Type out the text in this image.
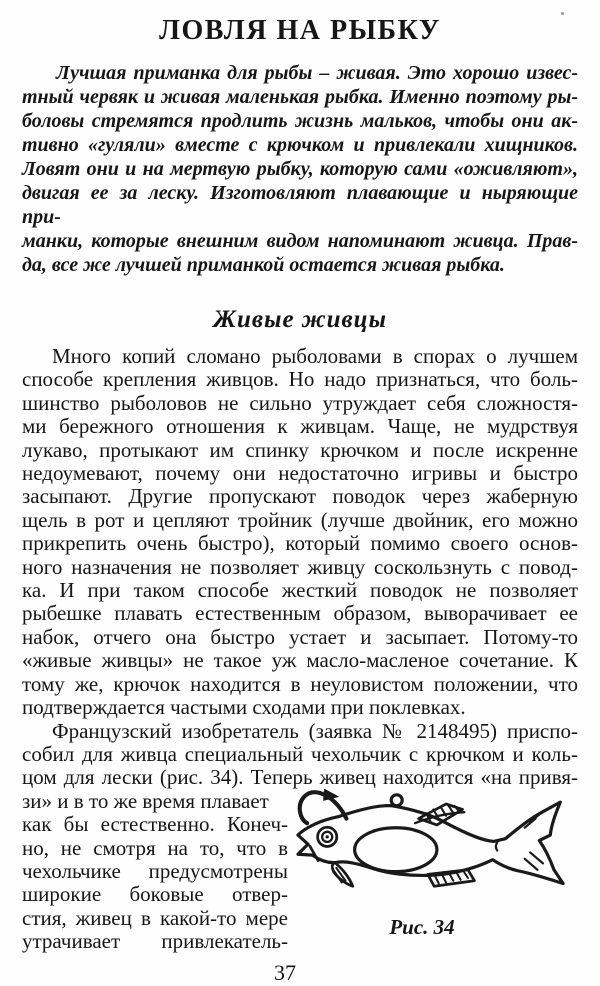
ЛОВЛЯ НА РЫБКУ
Лучшая приманка для рыбы – живая. Это хорошо извес-
тный червяк и живая маленькая рыбка. Именно поэтому ры-
боловы стремятся продлить жизнь мальков, чтобы они ак-
тивно «гуляли» вместе с крючком и привлекали хищников.
Ловят они и на мертвую рыбку, которую сами «оживляют»,
двигая ее за леску. Изготовляют плавающие и ныряющие при-
манки, которые внешним видом напоминают живца. Прав-
да, все же лучшей приманкой остается живая рыбка.
Живые живцы
Много копий сломано рыболовами в спорах о лучшем
способе крепления живцов. Но надо признаться, что боль-
шинство рыболовов не сильно утруждает себя сложностя-
ми бережного отношения к живцам. Чаще, не мудрствуя
лукаво, протыкают им спинку крючком и после искренне
недоумевают, почему они недостаточно игривы и быстро
засыпают. Другие пропускают поводок через жаберную
щель в рот и цепляют тройник (лучше двойник, его можно
прикрепить очень быстро), который помимо своего основ-
ного назначения не позволяет живцу соскользнуть с повод-
ка. И при таком способе жесткий поводок не позволяет
рыбешке плавать естественным образом, выворачивает ее
набок, отчего она быстро устает и засыпает. Потому-то
«живые живцы» не такое уж масло-масленое сочетание. К
тому же, крючок находится в неуловистом положении, что
подтверждается частыми сходами при поклевках.
Французский изобретатель (заявка № 2148495) приспо-
собил для живца специальный чехольчик с крючком и коль-
цом для лески (рис. 34). Теперь живец находится «на привя-
Рис. 34
зи» и в то же время плавает
как бы естественно. Конеч-
но, не смотря на то, что в
чехольчике предусмотрены
широкие боковые отвер-
стия, живец в какой-то мере
утрачивает привлекатель-
37
